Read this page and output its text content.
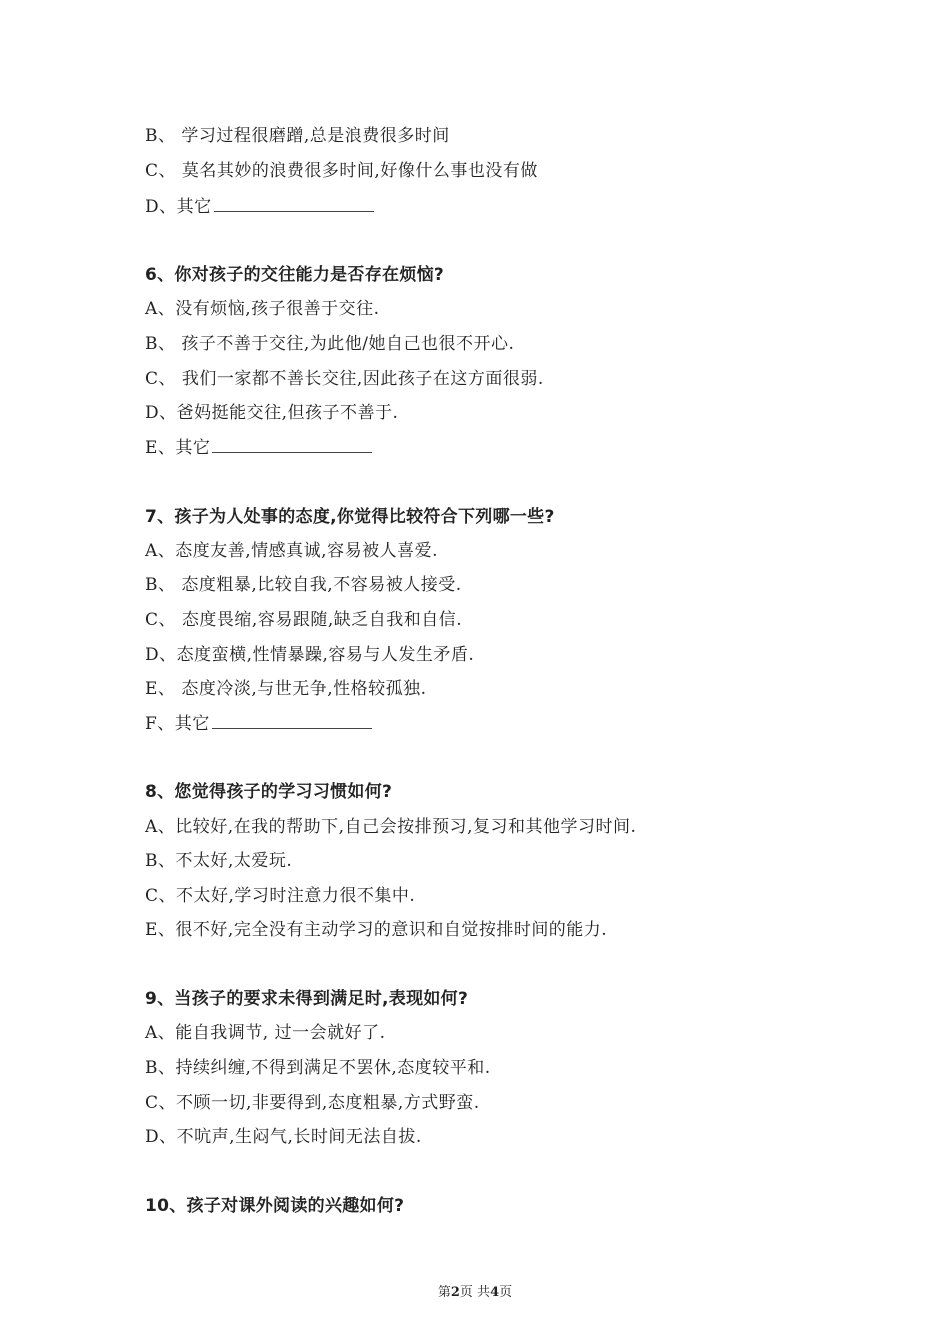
B、 学习过程很磨蹭,总是浪费很多时间
C、 莫名其妙的浪费很多时间,好像什么事也没有做
D、其它
6、你对孩子的交往能力是否存在烦恼?
A、没有烦恼,孩子很善于交往.
B、 孩子不善于交往,为此他/她自己也很不开心.
C、 我们一家都不善长交往,因此孩子在这方面很弱.
D、爸妈挺能交往,但孩子不善于.
E、其它
7、孩子为人处事的态度,你觉得比较符合下列哪一些?
A、态度友善,情感真诚,容易被人喜爱.
B、 态度粗暴,比较自我,不容易被人接受.
C、 态度畏缩,容易跟随,缺乏自我和自信.
D、态度蛮横,性情暴躁,容易与人发生矛盾.
E、 态度冷淡,与世无争,性格较孤独.
F、其它
8、您觉得孩子的学习习惯如何?
A、比较好,在我的帮助下,自己会按排预习,复习和其他学习时间.
B、不太好,太爱玩.
C、不太好,学习时注意力很不集中.
E、很不好,完全没有主动学习的意识和自觉按排时间的能力.
9、当孩子的要求未得到满足时,表现如何?
A、能自我调节, 过一会就好了.
B、持续纠缠,不得到满足不罢休,态度较平和.
C、不顾一切,非要得到,态度粗暴,方式野蛮.
D、不吭声,生闷气,长时间无法自拔.
10、孩子对课外阅读的兴趣如何?
第2页 共4页
